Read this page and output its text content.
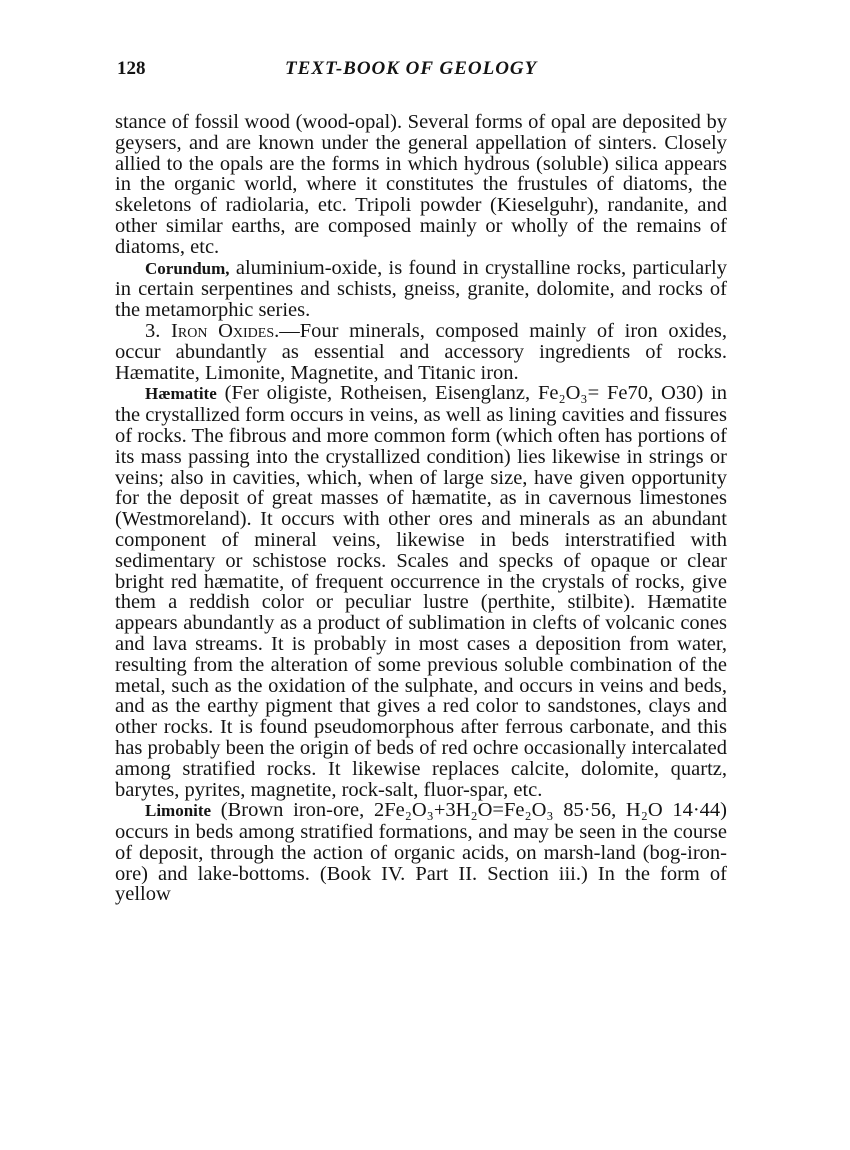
128	TEXT-BOOK OF GEOLOGY

stance of fossil wood (wood-opal). Several forms of opal are deposited by geysers, and are known under the general appellation of sinters. Closely allied to the opals are the forms in which hydrous (soluble) silica appears in the organic world, where it constitutes the frustules of diatoms, the skeletons of radiolaria, etc. Tripoli powder (Kieselguhr), randanite, and other similar earths, are composed mainly or wholly of the remains of diatoms, etc.

Corundum, aluminium-oxide, is found in crystalline rocks, particularly in certain serpentines and schists, gneiss, granite, dolomite, and rocks of the metamorphic series.

3. Iron Oxides.—Four minerals, composed mainly of iron oxides, occur abundantly as essential and accessory ingredients of rocks. Hæmatite, Limonite, Magnetite, and Titanic iron.

Hæmatite (Fer oligiste, Rotheisen, Eisenglanz, Fe₂O₃= Fe70, O30) in the crystallized form occurs in veins, as well as lining cavities and fissures of rocks. The fibrous and more common form (which often has portions of its mass passing into the crystallized condition) lies likewise in strings or veins; also in cavities, which, when of large size, have given opportunity for the deposit of great masses of hæmatite, as in cavernous limestones (Westmoreland). It occurs with other ores and minerals as an abundant component of mineral veins, likewise in beds interstratified with sedimentary or schistose rocks. Scales and specks of opaque or clear bright red hæmatite, of frequent occurrence in the crystals of rocks, give them a reddish color or peculiar lustre (perthite, stilbite). Hæmatite appears abundantly as a product of sublimation in clefts of volcanic cones and lava streams. It is probably in most cases a deposition from water, resulting from the alteration of some previous soluble combination of the metal, such as the oxidation of the sulphate, and occurs in veins and beds, and as the earthy pigment that gives a red color to sandstones, clays and other rocks. It is found pseudomorphous after ferrous carbonate, and this has probably been the origin of beds of red ochre occasionally intercalated among stratified rocks. It likewise replaces calcite, dolomite, quartz, barytes, pyrites, magnetite, rock-salt, fluor-spar, etc.

Limonite (Brown iron-ore, 2Fe₂O₃+3H₂O=Fe₂O₃ 85·56, H₂O 14·44) occurs in beds among stratified formations, and may be seen in the course of deposit, through the action of organic acids, on marsh-land (bog-iron-ore) and lake-bottoms. (Book IV. Part II. Section iii.) In the form of yellow
